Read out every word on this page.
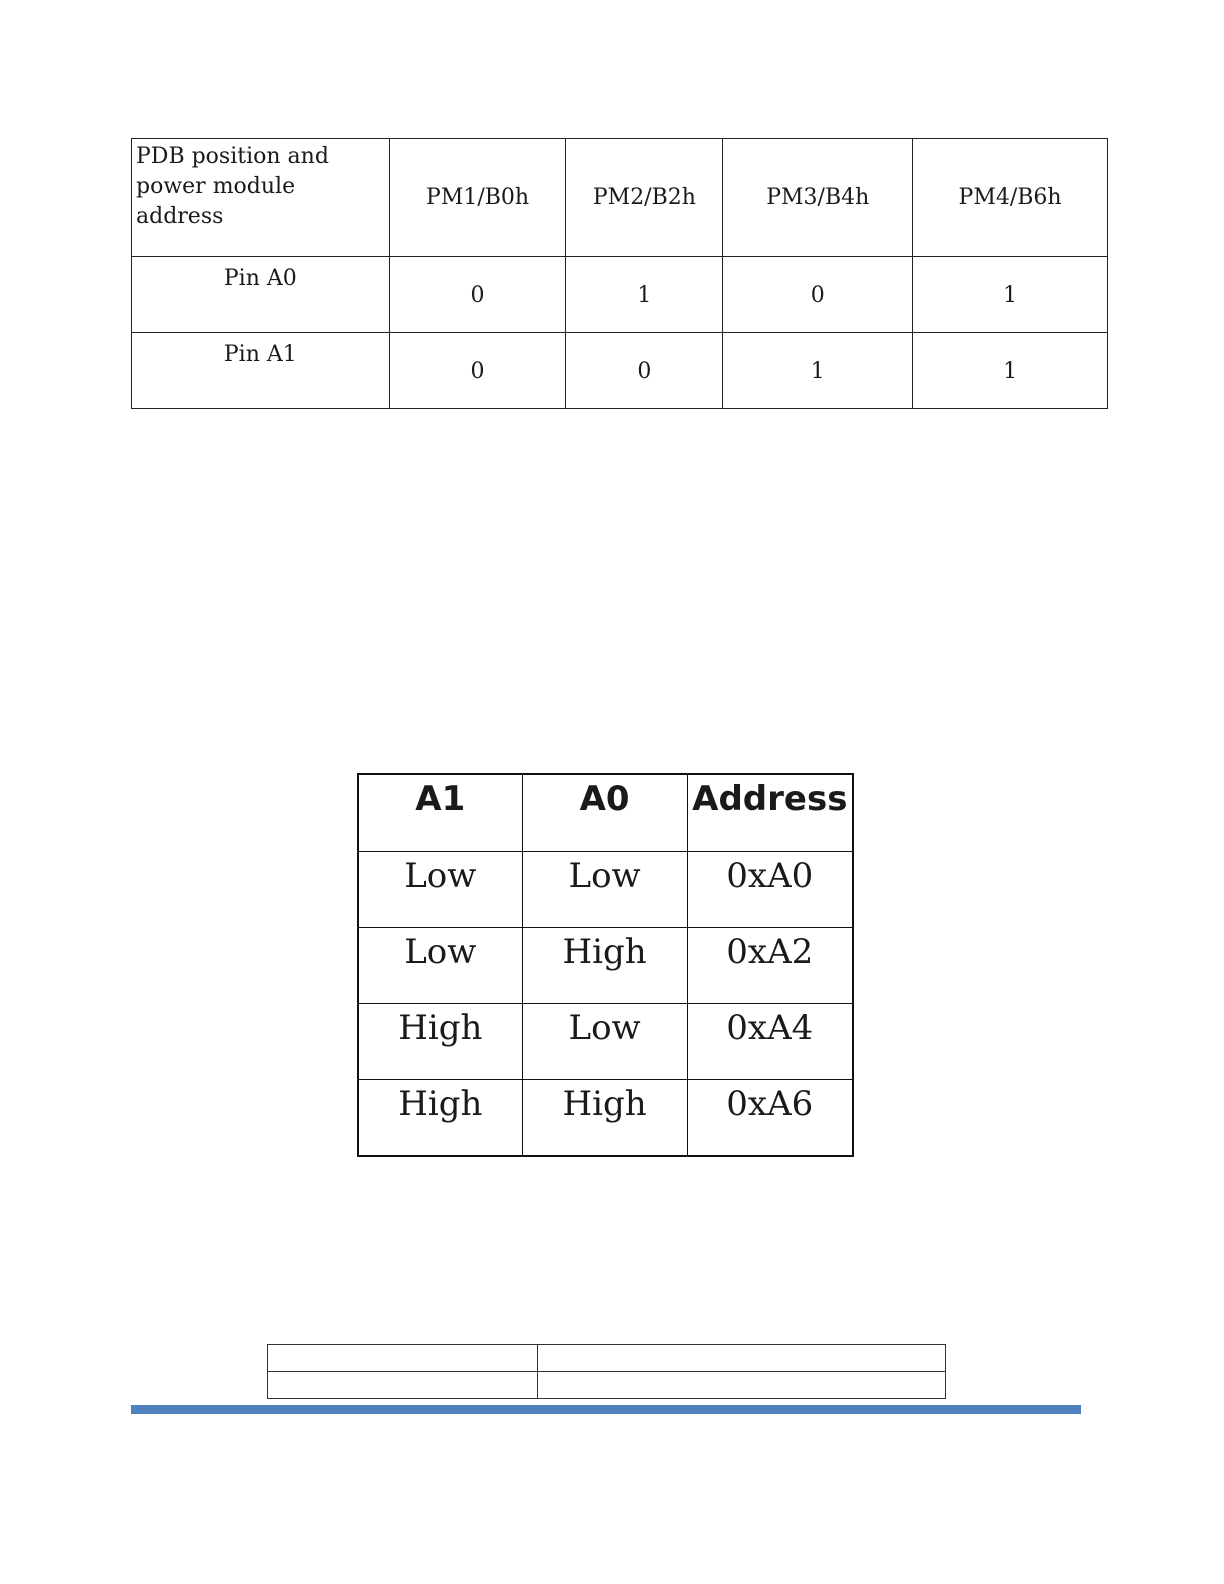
PDB position and
power module
address	PM1/B0h	PM2/B2h	PM3/B4h	PM4/B6h
Pin A0	0	1	0	1
Pin A1	0	0	1	1
A1	A0	Address
Low	Low	0xA0
Low	High	0xA2
High	Low	0xA4
High	High	0xA6
